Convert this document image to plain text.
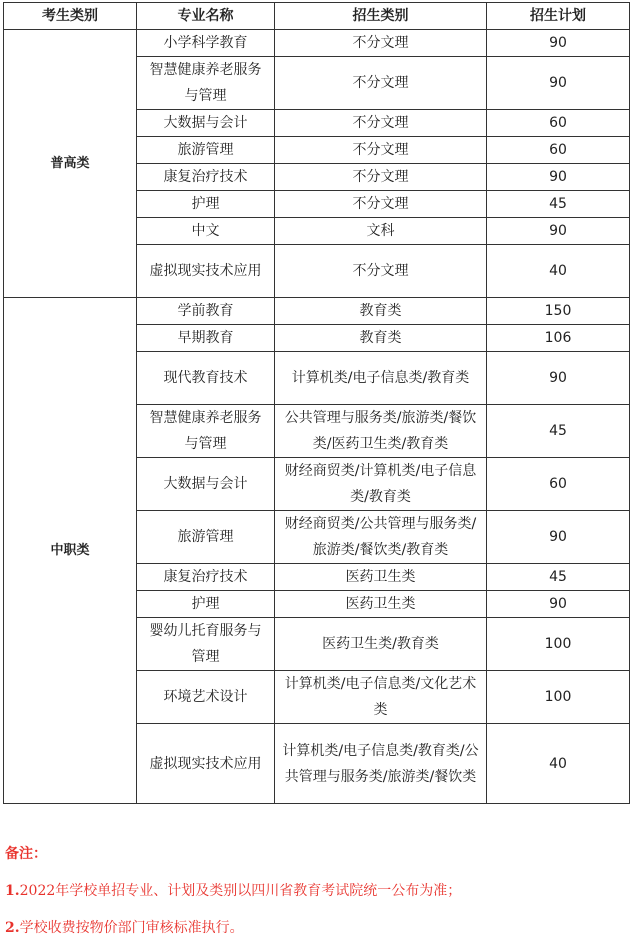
考生类别	专业名称	招生类别	招生计划
普高类	小学科学教育	不分文理	90
	智慧健康养老服务与管理	不分文理	90
	大数据与会计	不分文理	60
	旅游管理	不分文理	60
	康复治疗技术	不分文理	90
	护理	不分文理	45
	中文	文科	90
	虚拟现实技术应用	不分文理	40
中职类	学前教育	教育类	150
	早期教育	教育类	106
	现代教育技术	计算机类/电子信息类/教育类	90
	智慧健康养老服务与管理	公共管理与服务类/旅游类/餐饮类/医药卫生类/教育类	45
	大数据与会计	财经商贸类/计算机类/电子信息类/教育类	60
	旅游管理	财经商贸类/公共管理与服务类/旅游类/餐饮类/教育类	90
	康复治疗技术	医药卫生类	45
	护理	医药卫生类	90
	婴幼儿托育服务与管理	医药卫生类/教育类	100
	环境艺术设计	计算机类/电子信息类/文化艺术类	100
	虚拟现实技术应用	计算机类/电子信息类/教育类/公共管理与服务类/旅游类/餐饮类	40
备注：
1.2022年学校单招专业、计划及类别以四川省教育考试院统一公布为准；
2.学校收费按物价部门审核标准执行。
